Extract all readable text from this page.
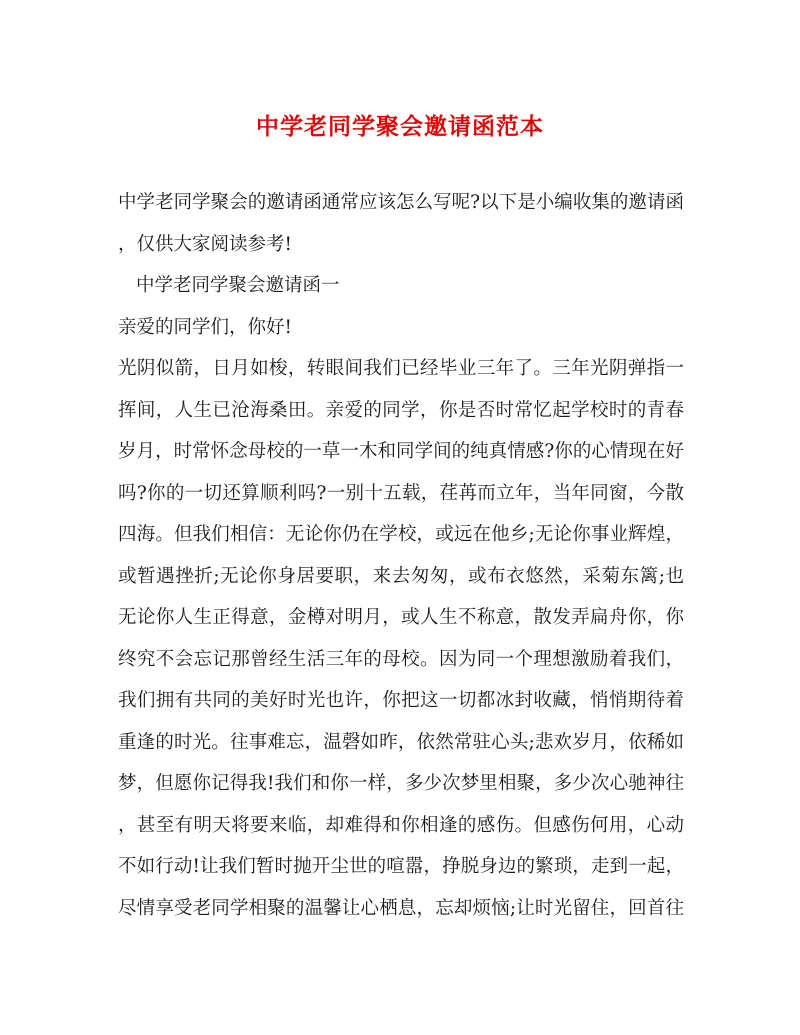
中学老同学聚会邀请函范本
中学老同学聚会的邀请函通常应该怎么写呢?以下是小编收集的邀请函
，仅供大家阅读参考!
中学老同学聚会邀请函一
亲爱的同学们，你好!
光阴似箭，日月如梭，转眼间我们已经毕业三年了。三年光阴弹指一
挥间，人生已沧海桑田。亲爱的同学，你是否时常忆起学校时的青春
岁月，时常怀念母校的一草一木和同学间的纯真情感?你的心情现在好
吗?你的一切还算顺利吗?一别十五载，荏苒而立年，当年同窗，今散
四海。但我们相信：无论你仍在学校，或远在他乡;无论你事业辉煌，
或暂遇挫折;无论你身居要职，来去匆匆，或布衣悠然，采菊东篱;也
无论你人生正得意，金樽对明月，或人生不称意，散发弄扁舟你，你
终究不会忘记那曾经生活三年的母校。因为同一个理想激励着我们，
我们拥有共同的美好时光也许，你把这一切都冰封收藏，悄悄期待着
重逢的时光。往事难忘，温磬如昨，依然常驻心头;悲欢岁月，依稀如
梦，但愿你记得我!我们和你一样，多少次梦里相聚，多少次心驰神往
，甚至有明天将要来临，却难得和你相逢的感伤。但感伤何用，心动
不如行动!让我们暂时抛开尘世的喧嚣，挣脱身边的繁琐，走到一起，
尽情享受老同学相聚的温馨让心栖息，忘却烦恼;让时光留住，回首往
